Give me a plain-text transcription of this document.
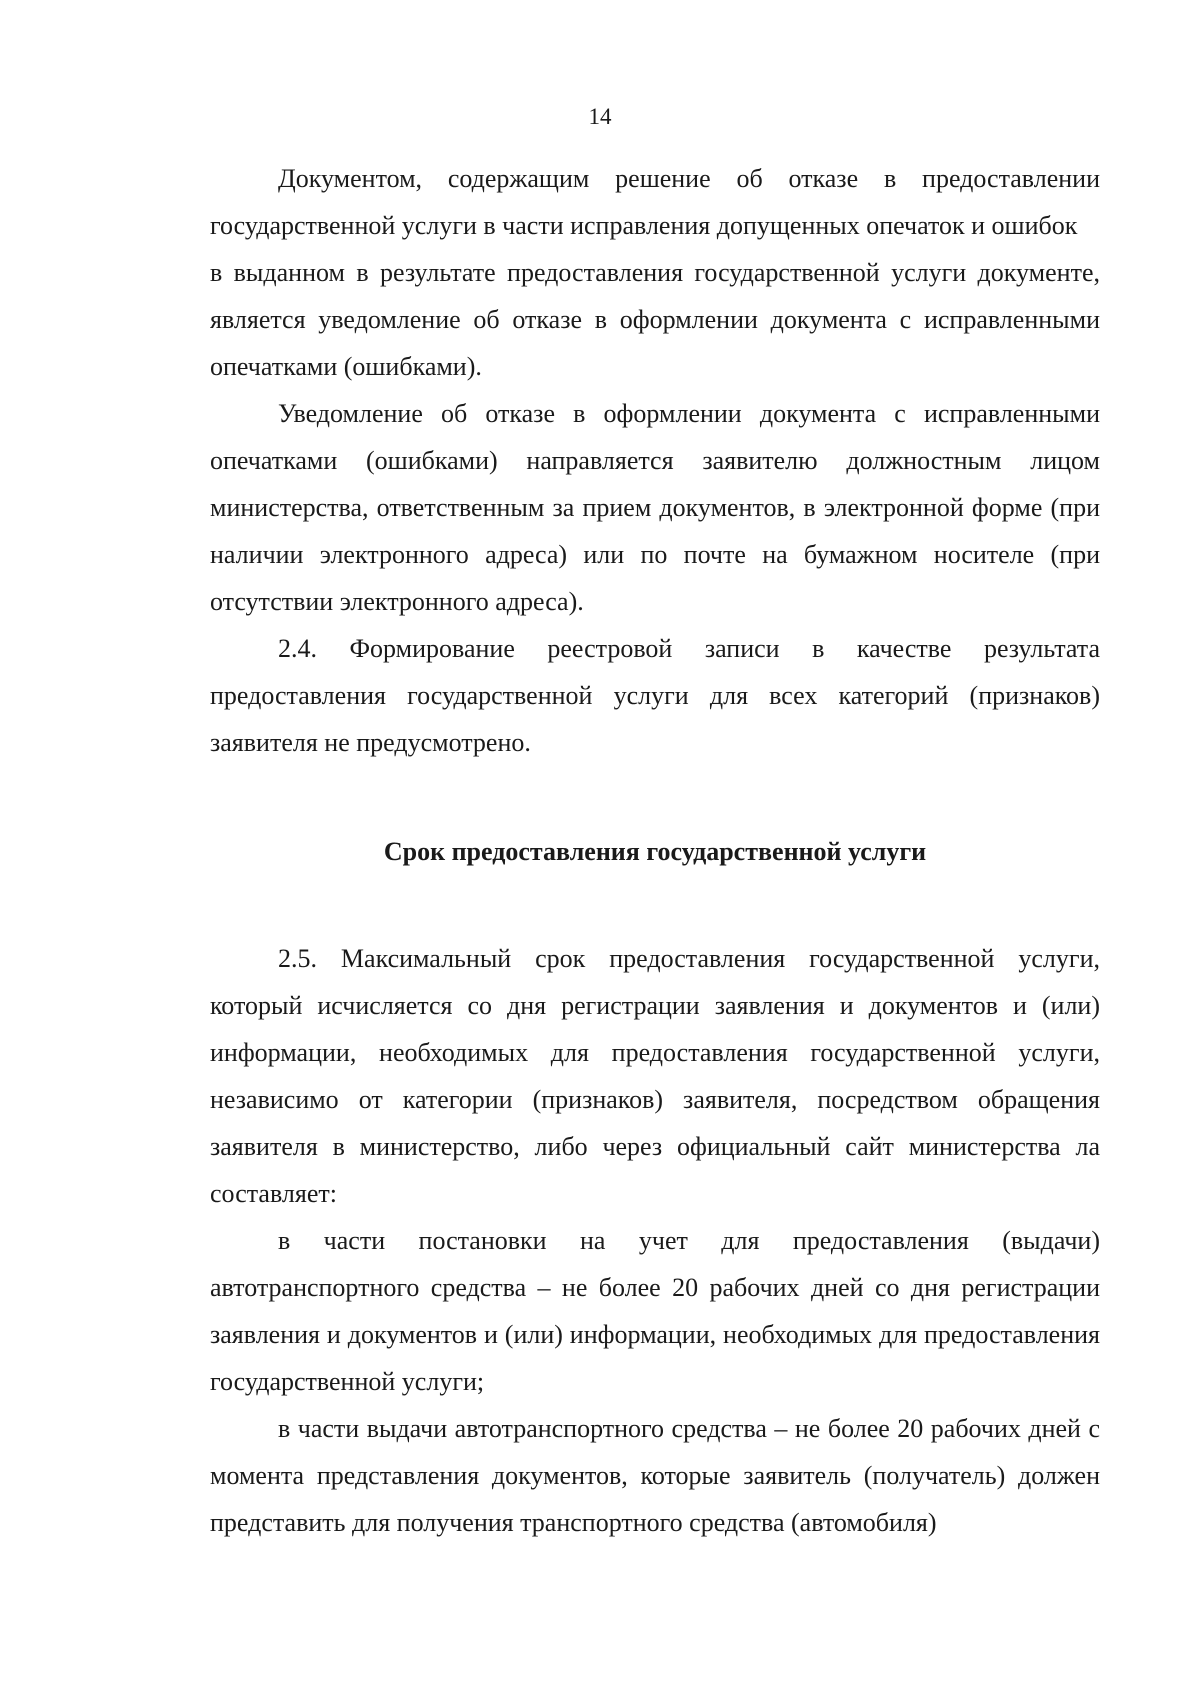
14

Документом, содержащим решение об отказе в предоставлении государственной услуги в части исправления допущенных опечаток и ошибок

в выданном в результате предоставления государственной услуги документе, является уведомление об отказе в оформлении документа с исправленными опечатками (ошибками).

Уведомление об отказе в оформлении документа с исправленными опечатками (ошибками) направляется заявителю должностным лицом министерства, ответственным за прием документов, в электронной форме (при наличии электронного адреса) или по почте на бумажном носителе (при отсутствии электронного адреса).

2.4. Формирование реестровой записи в качестве результата предоставления государственной услуги для всех категорий (признаков) заявителя не предусмотрено.

Срок предоставления государственной услуги

2.5. Максимальный срок предоставления государственной услуги, который исчисляется со дня регистрации заявления и документов и (или) информации, необходимых для предоставления государственной услуги, независимо от категории (признаков) заявителя, посредством обращения заявителя в министерство, либо через официальный сайт министерства ла составляет:

в части постановки на учет для предоставления (выдачи) автотранспортного средства – не более 20 рабочих дней со дня регистрации заявления и документов и (или) информации, необходимых для предоставления государственной услуги;

в части выдачи автотранспортного средства – не более 20 рабочих дней с момента представления документов, которые заявитель (получатель) должен представить для получения транспортного средства (автомобиля)
